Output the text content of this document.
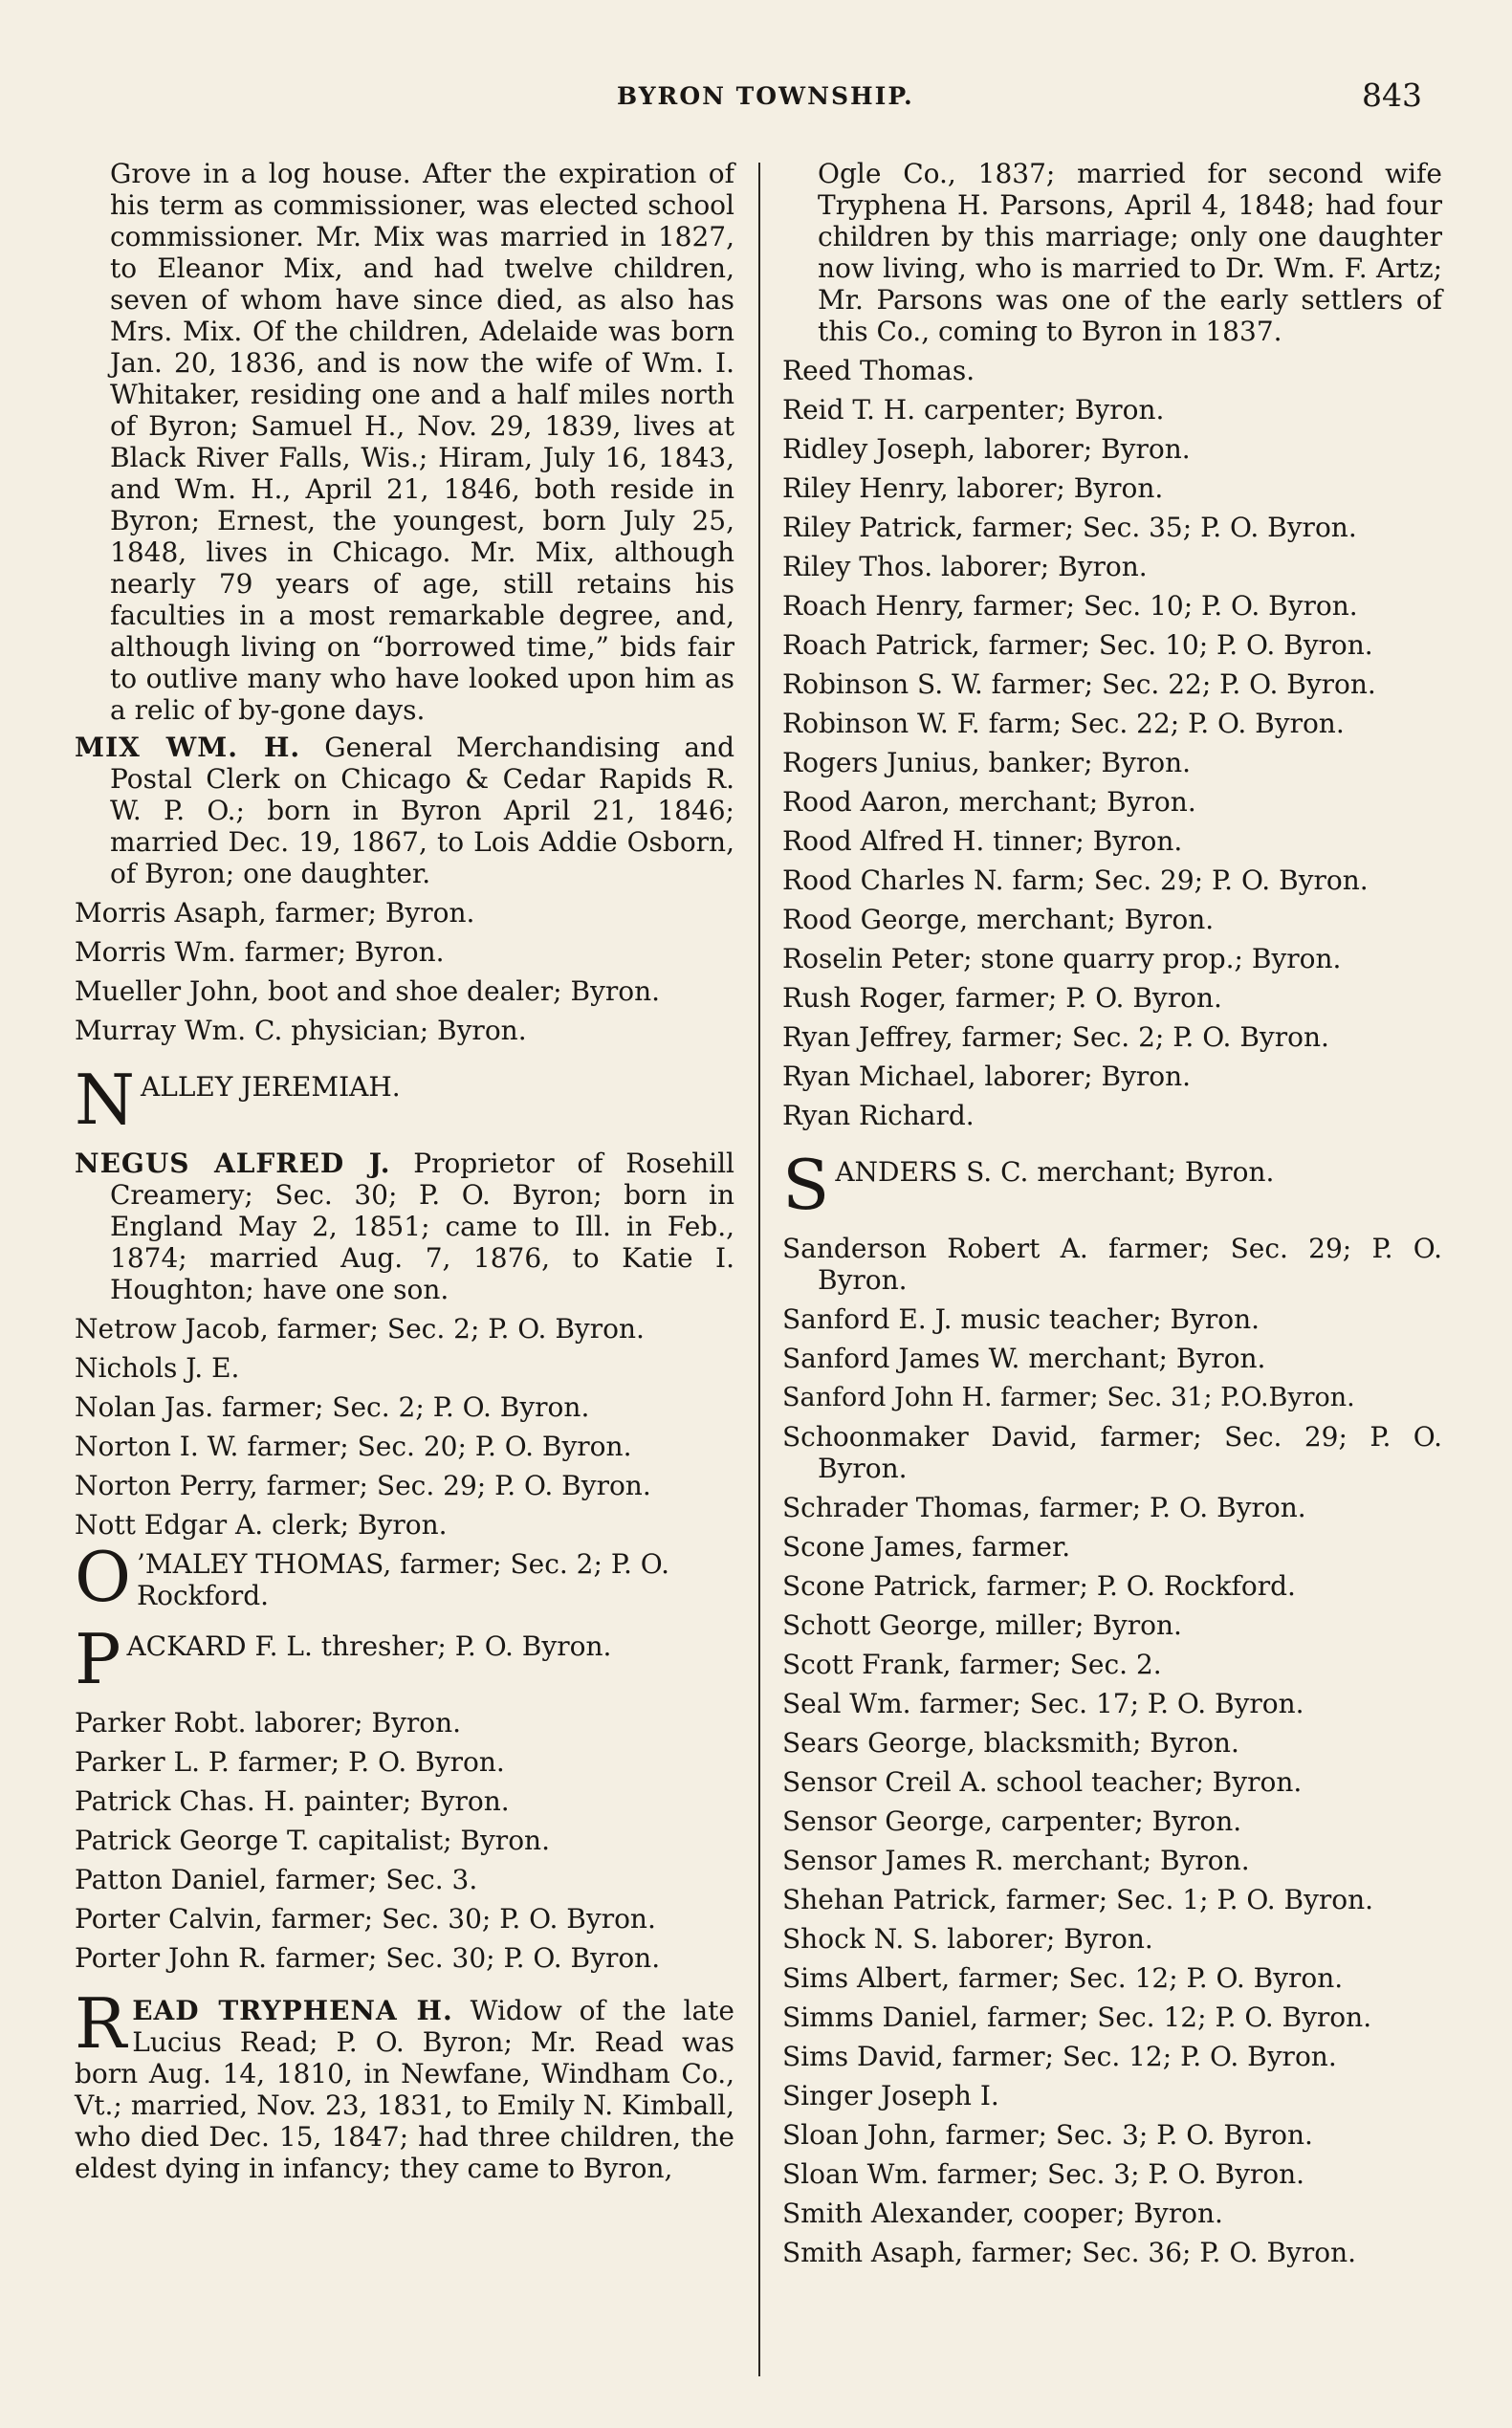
BYRON TOWNSHIP.	843

Grove in a log house. After the expiration of his term as commissioner, was elected school commissioner. Mr. Mix was married in 1827, to Eleanor Mix, and had twelve children, seven of whom have since died, as also has Mrs. Mix. Of the children, Adelaide was born Jan. 20, 1836, and is now the wife of Wm. I. Whitaker, residing one and a half miles north of Byron; Samuel H., Nov. 29, 1839, lives at Black River Falls, Wis.; Hiram, July 16, 1843, and Wm. H., April 21, 1846, both reside in Byron; Ernest, the youngest, born July 25, 1848, lives in Chicago. Mr. Mix, although nearly 79 years of age, still retains his faculties in a most remarkable degree, and, although living on “borrowed time,” bids fair to outlive many who have looked upon him as a relic of by-gone days.

MIX WM. H. General Merchandising and Postal Clerk on Chicago & Cedar Rapids R. W. P. O.; born in Byron April 21, 1846; married Dec. 19, 1867, to Lois Addie Osborn, of Byron; one daughter.

Morris Asaph, farmer; Byron.

Morris Wm. farmer; Byron.

Mueller John, boot and shoe dealer; Byron.

Murray Wm. C. physician; Byron.

N ALLEY JEREMIAH.

NEGUS ALFRED J. Proprietor of Rosehill Creamery; Sec. 30; P. O. Byron; born in England May 2, 1851; came to Ill. in Feb., 1874; married Aug. 7, 1876, to Katie I. Houghton; have one son.

Netrow Jacob, farmer; Sec. 2; P. O. Byron.

Nichols J. E.

Nolan Jas. farmer; Sec. 2; P. O. Byron.

Norton I. W. farmer; Sec. 20; P. O. Byron.

Norton Perry, farmer; Sec. 29; P. O. Byron.

Nott Edgar A. clerk; Byron.

O ’MALEY THOMAS, farmer; Sec. 2; P. O. Rockford.
P ACKARD F. L. thresher; P. O. Byron.

Parker Robt. laborer; Byron.

Parker L. P. farmer; P. O. Byron.

Patrick Chas. H. painter; Byron.

Patrick George T. capitalist; Byron.

Patton Daniel, farmer; Sec. 3.

Porter Calvin, farmer; Sec. 30; P. O. Byron.

Porter John R. farmer; Sec. 30; P. O. Byron.

R EAD TRYPHENA H. Widow of the late Lucius Read; P. O. Byron; Mr. Read was born Aug. 14, 1810, in Newfane, Windham Co., Vt.; married, Nov. 23, 1831, to Emily N. Kimball, who died Dec. 15, 1847; had three children, the eldest dying in infancy; they came to Byron,

Ogle Co., 1837; married for second wife Tryphena H. Parsons, April 4, 1848; had four children by this marriage; only one daughter now living, who is married to Dr. Wm. F. Artz; Mr. Parsons was one of the early settlers of this Co., coming to Byron in 1837.

Reed Thomas.

Reid T. H. carpenter; Byron.

Ridley Joseph, laborer; Byron.

Riley Henry, laborer; Byron.

Riley Patrick, farmer; Sec. 35; P. O. Byron.

Riley Thos. laborer; Byron.

Roach Henry, farmer; Sec. 10; P. O. Byron.

Roach Patrick, farmer; Sec. 10; P. O. Byron.

Robinson S. W. farmer; Sec. 22; P. O. Byron.

Robinson W. F. farm; Sec. 22; P. O. Byron.

Rogers Junius, banker; Byron.

Rood Aaron, merchant; Byron.

Rood Alfred H. tinner; Byron.

Rood Charles N. farm; Sec. 29; P. O. Byron.

Rood George, merchant; Byron.

Roselin Peter; stone quarry prop.; Byron.

Rush Roger, farmer; P. O. Byron.

Ryan Jeffrey, farmer; Sec. 2; P. O. Byron.

Ryan Michael, laborer; Byron.

Ryan Richard.

S ANDERS S. C. merchant; Byron.

Sanderson Robert A. farmer; Sec. 29; P. O. Byron.

Sanford E. J. music teacher; Byron.

Sanford James W. merchant; Byron.

Sanford John H. farmer; Sec. 31; P.O.Byron.

Schoonmaker David, farmer; Sec. 29; P. O. Byron.

Schrader Thomas, farmer; P. O. Byron.

Scone James, farmer.

Scone Patrick, farmer; P. O. Rockford.

Schott George, miller; Byron.

Scott Frank, farmer; Sec. 2.

Seal Wm. farmer; Sec. 17; P. O. Byron.

Sears George, blacksmith; Byron.

Sensor Creil A. school teacher; Byron.

Sensor George, carpenter; Byron.

Sensor James R. merchant; Byron.

Shehan Patrick, farmer; Sec. 1; P. O. Byron.

Shock N. S. laborer; Byron.

Sims Albert, farmer; Sec. 12; P. O. Byron.

Simms Daniel, farmer; Sec. 12; P. O. Byron.

Sims David, farmer; Sec. 12; P. O. Byron.

Singer Joseph I.

Sloan John, farmer; Sec. 3; P. O. Byron.

Sloan Wm. farmer; Sec. 3; P. O. Byron.

Smith Alexander, cooper; Byron.

Smith Asaph, farmer; Sec. 36; P. O. Byron.
